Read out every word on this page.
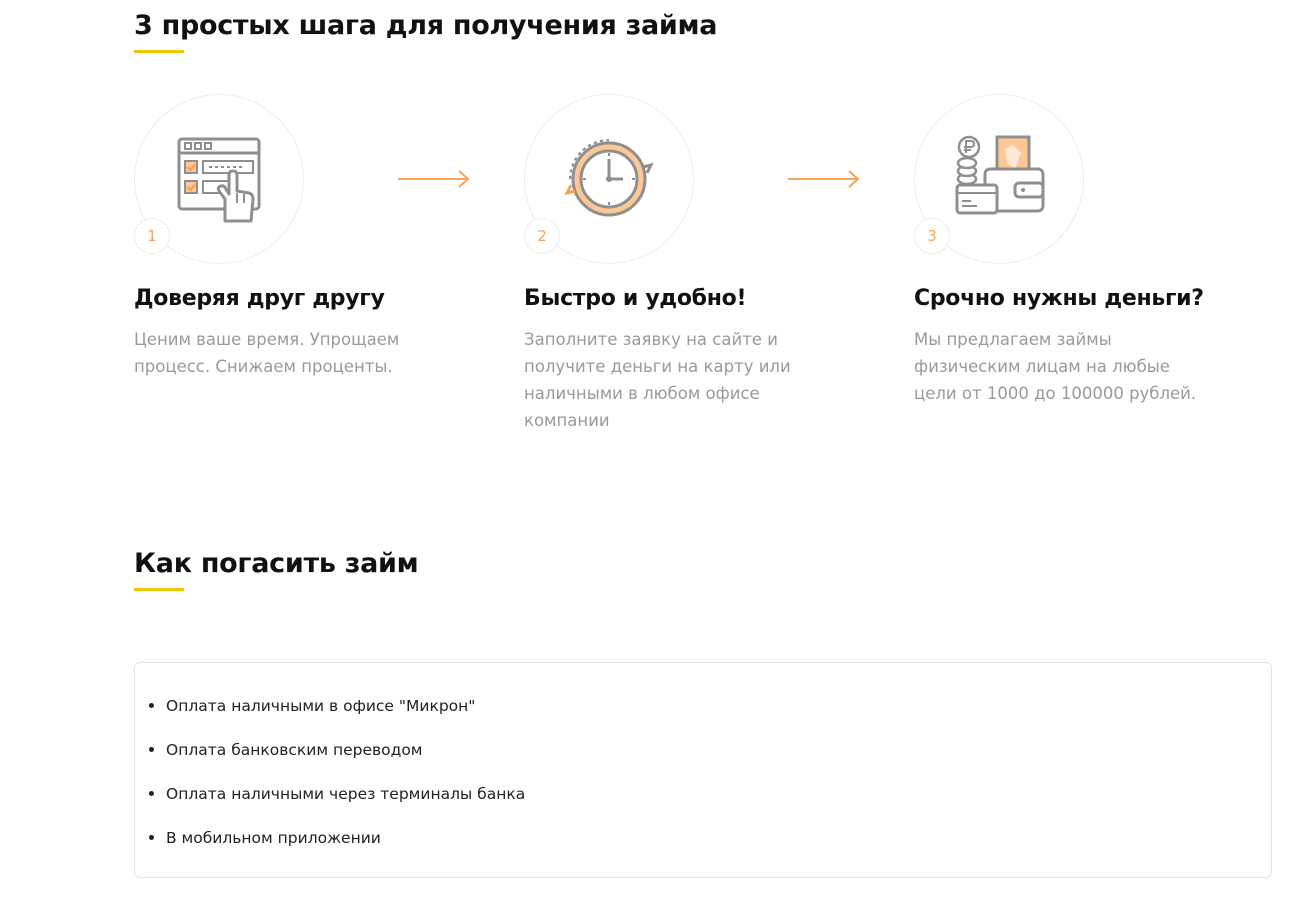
3 простых шага для получения займа
1
Доверяя друг другу

Ценим ваше время. Упрощаем процесс. Снижаем проценты.

2
Быстро и удобно!

Заполните заявку на сайте и получите деньги на карту или наличными в любом офисе компании

3
Срочно нужны деньги?

Мы предлагаем займы физическим лицам на любые цели от 1000 до 100000 рублей.

Как погасить займ
Оплата наличными в офисе "Микрон"
Оплата банковским переводом
Оплата наличными через терминалы банка
В мобильном приложении
